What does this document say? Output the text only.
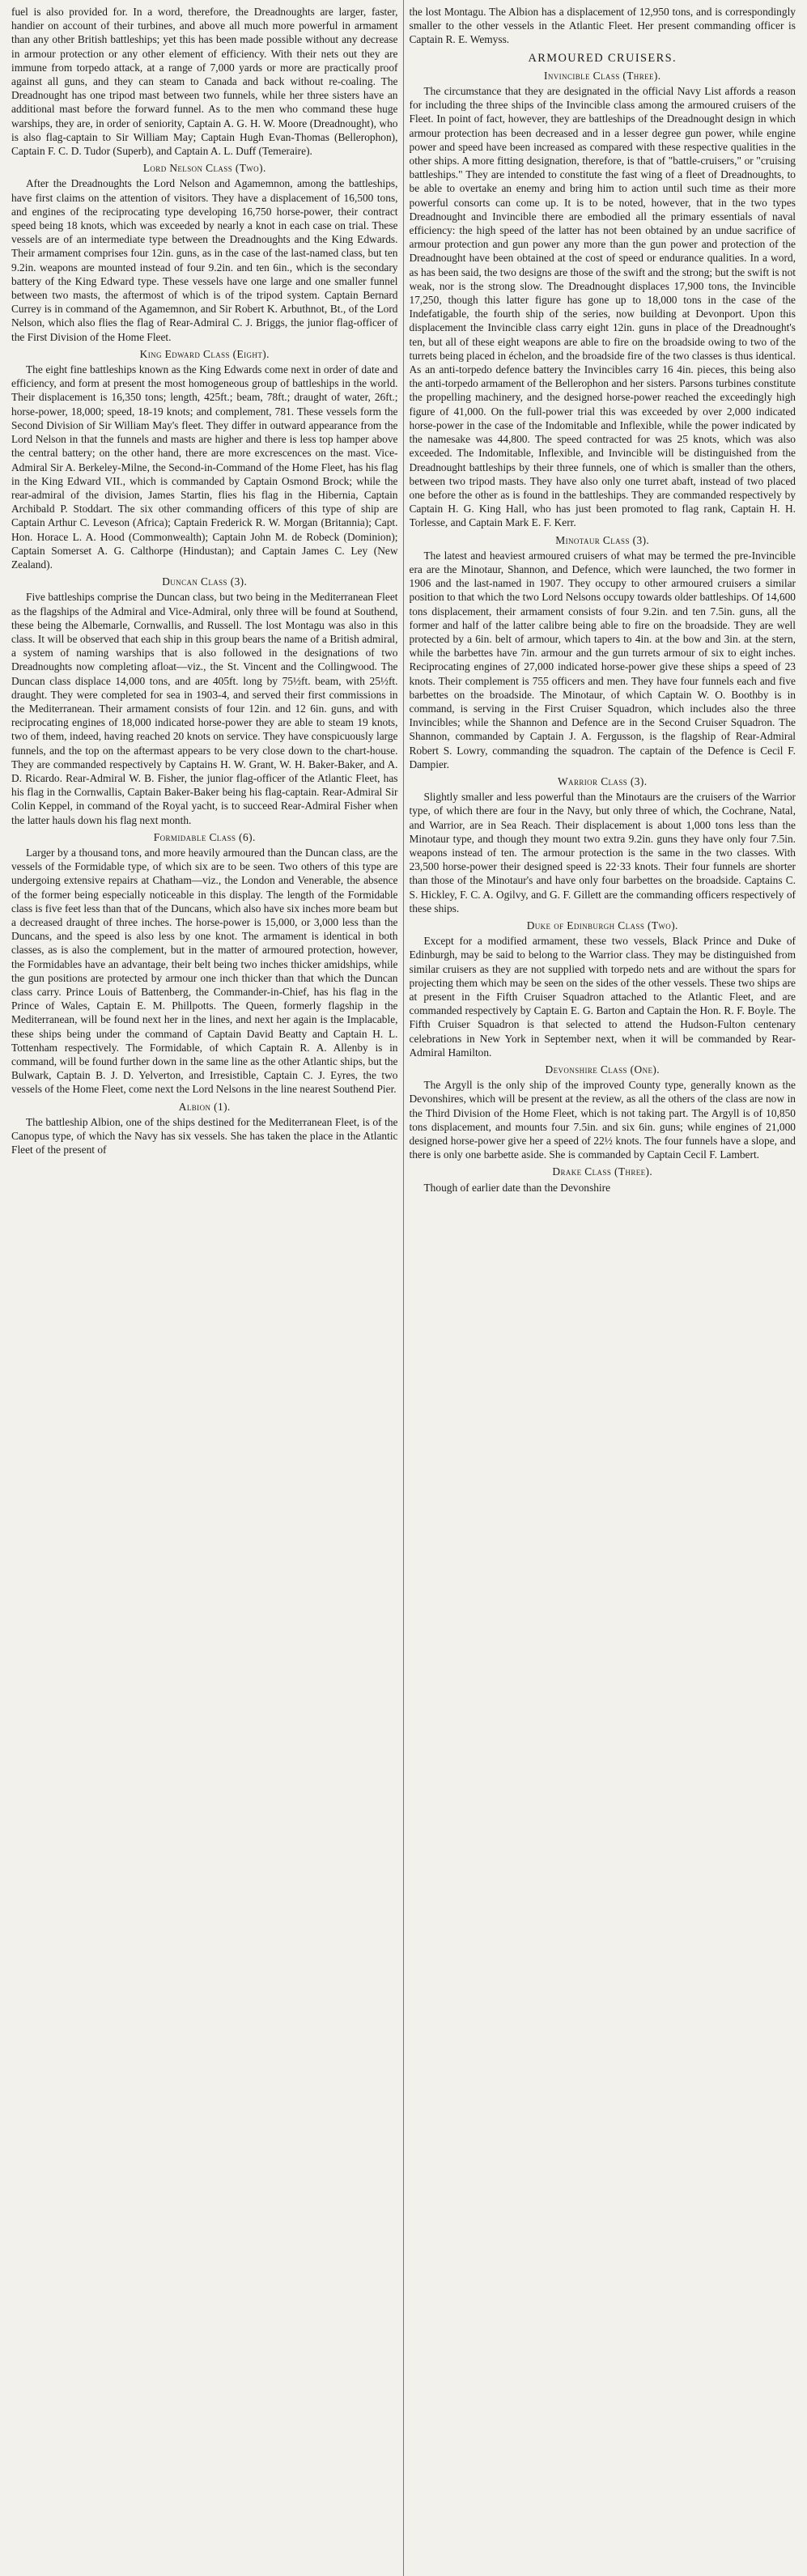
fuel is also provided for. In a word, therefore, the Dreadnoughts are larger, faster, handier on account of their turbines, and above all much more powerful in armament than any other British battleships; yet this has been made possible without any decrease in armour protection or any other element of efficiency. With their nets out they are immune from torpedo attack, at a range of 7,000 yards or more are practically proof against all guns, and they can steam to Canada and back without re-coaling. The Dreadnought has one tripod mast between two funnels, while her three sisters have an additional mast before the forward funnel. As to the men who command these huge warships, they are, in order of seniority, Captain A. G. H. W. Moore (Dreadnought), who is also flag-captain to Sir William May; Captain Hugh Evan-Thomas (Bellerophon), Captain F. C. D. Tudor (Superb), and Captain A. L. Duff (Temeraire).

Lord Nelson Class (Two).

After the Dreadnoughts the Lord Nelson and Agamemnon, among the battleships, have first claims on the attention of visitors. They have a displacement of 16,500 tons, and engines of the reciprocating type developing 16,750 horse-power, their contract speed being 18 knots, which was exceeded by nearly a knot in each case on trial. These vessels are of an intermediate type between the Dreadnoughts and the King Edwards. Their armament comprises four 12in. guns, as in the case of the last-named class, but ten 9.2in. weapons are mounted instead of four 9.2in. and ten 6in., which is the secondary battery of the King Edward type. These vessels have one large and one smaller funnel between two masts, the aftermost of which is of the tripod system. Captain Bernard Currey is in command of the Agamemnon, and Sir Robert K. Arbuthnot, Bt., of the Lord Nelson, which also flies the flag of Rear-Admiral C. J. Briggs, the junior flag-officer of the First Division of the Home Fleet.

King Edward Class (Eight).

The eight fine battleships known as the King Edwards come next in order of date and efficiency, and form at present the most homogeneous group of battleships in the world. Their displacement is 16,350 tons; length, 425ft.; beam, 78ft.; draught of water, 26ft.; horse-power, 18,000; speed, 18-19 knots; and complement, 781. These vessels form the Second Division of Sir William May's fleet. They differ in outward appearance from the Lord Nelson in that the funnels and masts are higher and there is less top hamper above the central battery; on the other hand, there are more excrescences on the mast. Vice-Admiral Sir A. Berkeley-Milne, the Second-in-Command of the Home Fleet, has his flag in the King Edward VII., which is commanded by Captain Osmond Brock; while the rear-admiral of the division, James Startin, flies his flag in the Hibernia, Captain Archibald P. Stoddart. The six other commanding officers of this type of ship are Captain Arthur C. Leveson (Africa); Captain Frederick R. W. Morgan (Britannia); Capt. Hon. Horace L. A. Hood (Commonwealth); Captain John M. de Robeck (Dominion); Captain Somerset A. G. Calthorpe (Hindustan); and Captain James C. Ley (New Zealand).

Duncan Class (3).

Five battleships comprise the Duncan class, but two being in the Mediterranean Fleet as the flagships of the Admiral and Vice-Admiral, only three will be found at Southend, these being the Albemarle, Cornwallis, and Russell. The lost Montagu was also in this class. It will be observed that each ship in this group bears the name of a British admiral, a system of naming warships that is also followed in the designations of two Dreadnoughts now completing afloat—viz., the St. Vincent and the Collingwood. The Duncan class displace 14,000 tons, and are 405ft. long by 75½ft. beam, with 25½ft. draught. They were completed for sea in 1903-4, and served their first commissions in the Mediterranean. Their armament consists of four 12in. and 12 6in. guns, and with reciprocating engines of 18,000 indicated horse-power they are able to steam 19 knots, two of them, indeed, having reached 20 knots on service. They have conspicuously large funnels, and the top on the aftermast appears to be very close down to the chart-house. They are commanded respectively by Captains H. W. Grant, W. H. Baker-Baker, and A. D. Ricardo. Rear-Admiral W. B. Fisher, the junior flag-officer of the Atlantic Fleet, has his flag in the Cornwallis, Captain Baker-Baker being his flag-captain. Rear-Admiral Sir Colin Keppel, in command of the Royal yacht, is to succeed Rear-Admiral Fisher when the latter hauls down his flag next month.

Formidable Class (6).

Larger by a thousand tons, and more heavily armoured than the Duncan class, are the vessels of the Formidable type, of which six are to be seen. Two others of this type are undergoing extensive repairs at Chatham—viz., the London and Venerable, the absence of the former being especially noticeable in this display. The length of the Formidable class is five feet less than that of the Duncans, which also have six inches more beam but a decreased draught of three inches. The horse-power is 15,000, or 3,000 less than the Duncans, and the speed is also less by one knot. The armament is identical in both classes, as is also the complement, but in the matter of armoured protection, however, the Formidables have an advantage, their belt being two inches thicker amidships, while the gun positions are protected by armour one inch thicker than that which the Duncan class carry. Prince Louis of Battenberg, the Commander-in-Chief, has his flag in the Prince of Wales, Captain E. M. Phillpotts. The Queen, formerly flagship in the Mediterranean, will be found next her in the lines, and next her again is the Implacable, these ships being under the command of Captain David Beatty and Captain H. L. Tottenham respectively. The Formidable, of which Captain R. A. Allenby is in command, will be found further down in the same line as the other Atlantic ships, but the Bulwark, Captain B. J. D. Yelverton, and Irresistible, Captain C. J. Eyres, the two vessels of the Home Fleet, come next the Lord Nelsons in the line nearest Southend Pier.

Albion (1).

The battleship Albion, one of the ships destined for the Mediterranean Fleet, is of the Canopus type, of which the Navy has six vessels. She has taken the place in the Atlantic Fleet of the present of

the lost Montagu. The Albion has a displacement of 12,950 tons, and is correspondingly smaller to the other vessels in the Atlantic Fleet. Her present commanding officer is Captain R. E. Wemyss.

ARMOURED CRUISERS.
Invincible Class (Three).

The circumstance that they are designated in the official Navy List affords a reason for including the three ships of the Invincible class among the armoured cruisers of the Fleet. In point of fact, however, they are battleships of the Dreadnought design in which armour protection has been decreased and in a lesser degree gun power, while engine power and speed have been increased as compared with these respective qualities in the other ships. A more fitting designation, therefore, is that of "battle-cruisers," or "cruising battleships." They are intended to constitute the fast wing of a fleet of Dreadnoughts, to be able to overtake an enemy and bring him to action until such time as their more powerful consorts can come up. It is to be noted, however, that in the two types Dreadnought and Invincible there are embodied all the primary essentials of naval efficiency: the high speed of the latter has not been obtained by an undue sacrifice of armour protection and gun power any more than the gun power and protection of the Dreadnought have been obtained at the cost of speed or endurance qualities. In a word, as has been said, the two designs are those of the swift and the strong; but the swift is not weak, nor is the strong slow. The Dreadnought displaces 17,900 tons, the Invincible 17,250, though this latter figure has gone up to 18,000 tons in the case of the Indefatigable, the fourth ship of the series, now building at Devonport. Upon this displacement the Invincible class carry eight 12in. guns in place of the Dreadnought's ten, but all of these eight weapons are able to fire on the broadside owing to two of the turrets being placed in échelon, and the broadside fire of the two classes is thus identical. As an anti-torpedo defence battery the Invincibles carry 16 4in. pieces, this being also the anti-torpedo armament of the Bellerophon and her sisters. Parsons turbines constitute the propelling machinery, and the designed horse-power reached the exceedingly high figure of 41,000. On the full-power trial this was exceeded by over 2,000 indicated horse-power in the case of the Indomitable and Inflexible, while the power indicated by the namesake was 44,800. The speed contracted for was 25 knots, which was also exceeded. The Indomitable, Inflexible, and Invincible will be distinguished from the Dreadnought battleships by their three funnels, one of which is smaller than the others, between two tripod masts. They have also only one turret abaft, instead of two placed one before the other as is found in the battleships. They are commanded respectively by Captain H. G. King Hall, who has just been promoted to flag rank, Captain H. H. Torlesse, and Captain Mark E. F. Kerr.

Minotaur Class (3).

The latest and heaviest armoured cruisers of what may be termed the pre-Invincible era are the Minotaur, Shannon, and Defence, which were launched, the two former in 1906 and the last-named in 1907. They occupy to other armoured cruisers a similar position to that which the two Lord Nelsons occupy towards older battleships. Of 14,600 tons displacement, their armament consists of four 9.2in. and ten 7.5in. guns, all the former and half of the latter calibre being able to fire on the broadside. They are well protected by a 6in. belt of armour, which tapers to 4in. at the bow and 3in. at the stern, while the barbettes have 7in. armour and the gun turrets armour of six to eight inches. Reciprocating engines of 27,000 indicated horse-power give these ships a speed of 23 knots. Their complement is 755 officers and men. They have four funnels each and five barbettes on the broadside. The Minotaur, of which Captain W. O. Boothby is in command, is serving in the First Cruiser Squadron, which includes also the three Invincibles; while the Shannon and Defence are in the Second Cruiser Squadron. The Shannon, commanded by Captain J. A. Fergusson, is the flagship of Rear-Admiral Robert S. Lowry, commanding the squadron. The captain of the Defence is Cecil F. Dampier.

Warrior Class (3).

Slightly smaller and less powerful than the Minotaurs are the cruisers of the Warrior type, of which there are four in the Navy, but only three of which, the Cochrane, Natal, and Warrior, are in Sea Reach. Their displacement is about 1,000 tons less than the Minotaur type, and though they mount two extra 9.2in. guns they have only four 7.5in. weapons instead of ten. The armour protection is the same in the two classes. With 23,500 horse-power their designed speed is 22·33 knots. Their four funnels are shorter than those of the Minotaur's and have only four barbettes on the broadside. Captains C. S. Hickley, F. C. A. Ogilvy, and G. F. Gillett are the commanding officers respectively of these ships.

Duke of Edinburgh Class (Two).

Except for a modified armament, these two vessels, Black Prince and Duke of Edinburgh, may be said to belong to the Warrior class. They may be distinguished from similar cruisers as they are not supplied with torpedo nets and are without the spars for projecting them which may be seen on the sides of the other vessels. These two ships are at present in the Fifth Cruiser Squadron attached to the Atlantic Fleet, and are commanded respectively by Captain E. G. Barton and Captain the Hon. R. F. Boyle. The Fifth Cruiser Squadron is that selected to attend the Hudson-Fulton centenary celebrations in New York in September next, when it will be commanded by Rear-Admiral Hamilton.

Devonshire Class (One).

The Argyll is the only ship of the improved County type, generally known as the Devonshires, which will be present at the review, as all the others of the class are now in the Third Division of the Home Fleet, which is not taking part. The Argyll is of 10,850 tons displacement, and mounts four 7.5in. and six 6in. guns; while engines of 21,000 designed horse-power give her a speed of 22½ knots. The four funnels have a slope, and there is only one barbette aside. She is commanded by Captain Cecil F. Lambert.

Drake Class (Three).

Though of earlier date than the Devonshire
